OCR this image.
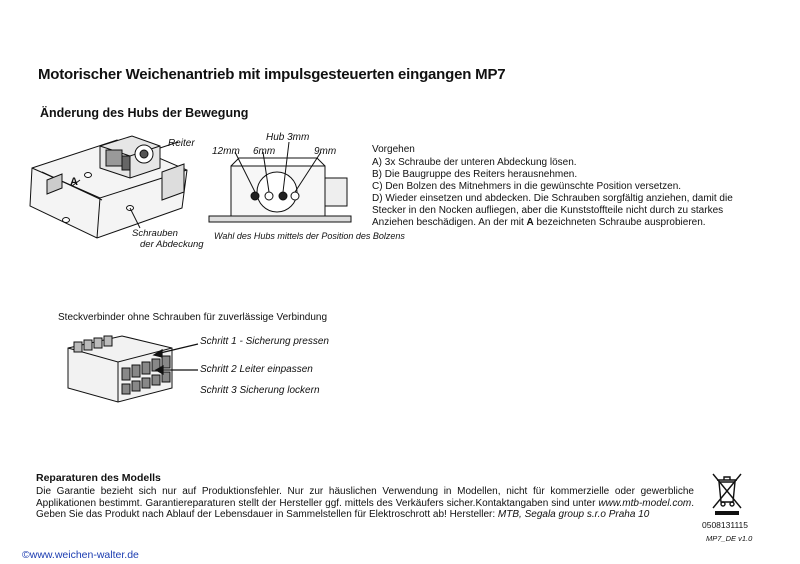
Motorischer Weichenantrieb mit impulsgesteuerten eingangen MP7
Änderung des Hubs der Bewegung
Reiter
A
Schrauben
der Abdeckung
Hub 3mm
12mm 6mm	9mm
Wahl des Hubs mittels der Position des Bolzens
Vorgehen
A) 3x Schraube der unteren Abdeckung lösen.
B) Die Baugruppe des Reiters herausnehmen.
C) Den Bolzen des Mitnehmers in die gewünschte Position versetzen.
D) Wieder einsetzen und abdecken. Die Schrauben sorgfältig anziehen, damit die Stecker in den Nocken aufliegen, aber die Kunststoffteile nicht durch zu starkes Anziehen beschädigen. An der mit A bezeichneten Schraube ausprobieren.
Steckverbinder ohne Schrauben für zuverlässige Verbindung
Schritt 1 - Sicherung pressen
Schritt 2 Leiter einpassen
Schritt 3 Sicherung lockern
Reparaturen des Modells
Die Garantie bezieht sich nur auf Produktionsfehler. Nur zur häuslichen Verwendung in Modellen, nicht für kommerzielle oder gewerbliche Applikationen bestimmt. Garantiereparaturen stellt der Hersteller ggf. mittels des Verkäufers sicher.Kontaktangaben sind unter www.mtb-model.com. Geben Sie das Produkt nach Ablauf der Lebensdauer in Sammelstellen für Elektroschrott ab! Hersteller: MTB, Segala group s.r.o Praha 10
0508131115
MP7_DE v1.0
©www.weichen-walter.de
